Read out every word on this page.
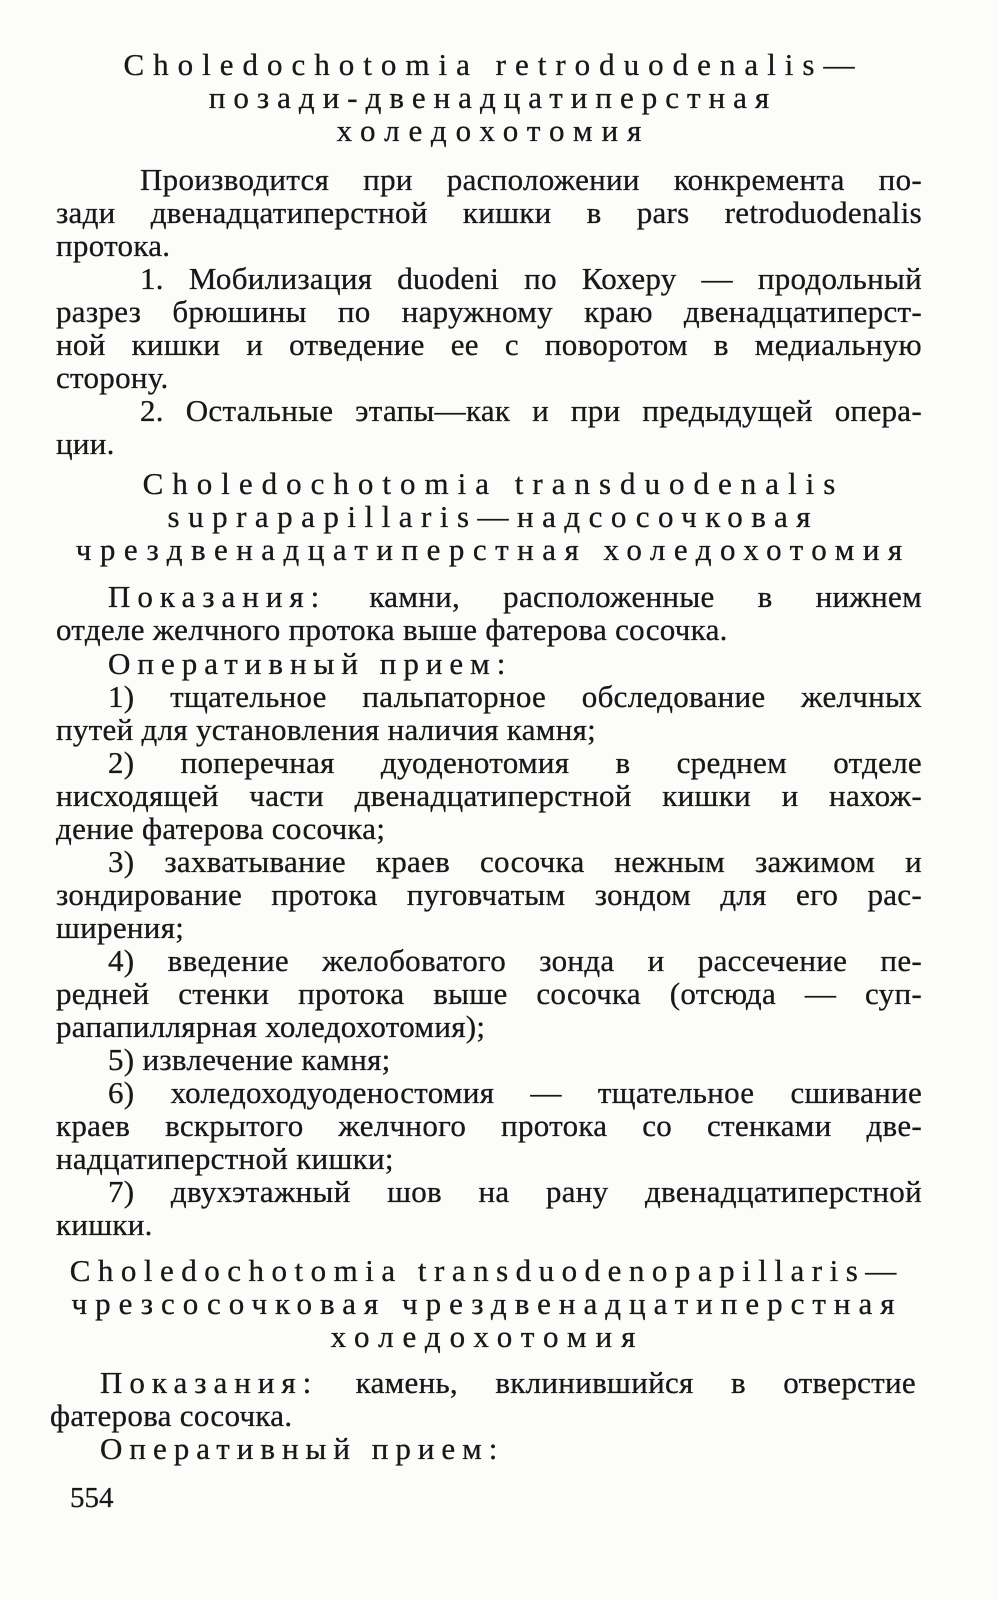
Choledochotomia retroduodenalis—
позади-двенадцатиперстная
холедохотомия
Производится при расположении конкремента по-
зади двенадцатиперстной кишки в pars retroduodenalis
протока.
1. Мобилизация duodeni по Кохеру — продольный
разрез брюшины по наружному краю двенадцатиперст-
ной кишки и отведение ее с поворотом в медиальную
сторону.
2. Остальные этапы—как и при предыдущей опера-
ции.
Choledochotomia transduodenalis
suprapapillaris—надсосочковая
чрездвенадцатиперстная холедохотомия
Показания: камни, расположенные в нижнем
отделе желчного протока выше фатерова сосочка.
Оперативный прием:
1) тщательное пальпаторное обследование желчных
путей для установления наличия камня;
2) поперечная дуоденотомия в среднем отделе
нисходящей части двенадцатиперстной кишки и нахож-
дение фатерова сосочка;
3) захватывание краев сосочка нежным зажимом и
зондирование протока пуговчатым зондом для его рас-
ширения;
4) введение желобоватого зонда и рассечение пе-
редней стенки протока выше сосочка (отсюда — суп-
рапапиллярная холедохотомия);
5) извлечение камня;
6) холедоходуоденостомия — тщательное сшивание
краев вскрытого желчного протока со стенками две-
надцатиперстной кишки;
7) двухэтажный шов на рану двенадцатиперстной
кишки.
Choledochotomia transduodenopapillaris—
чрезсосочковая чрездвенадцатиперстная
холедохотомия
Показания: камень, вклинившийся в отверстие
фатерова сосочка.
Оперативный прием:
554
